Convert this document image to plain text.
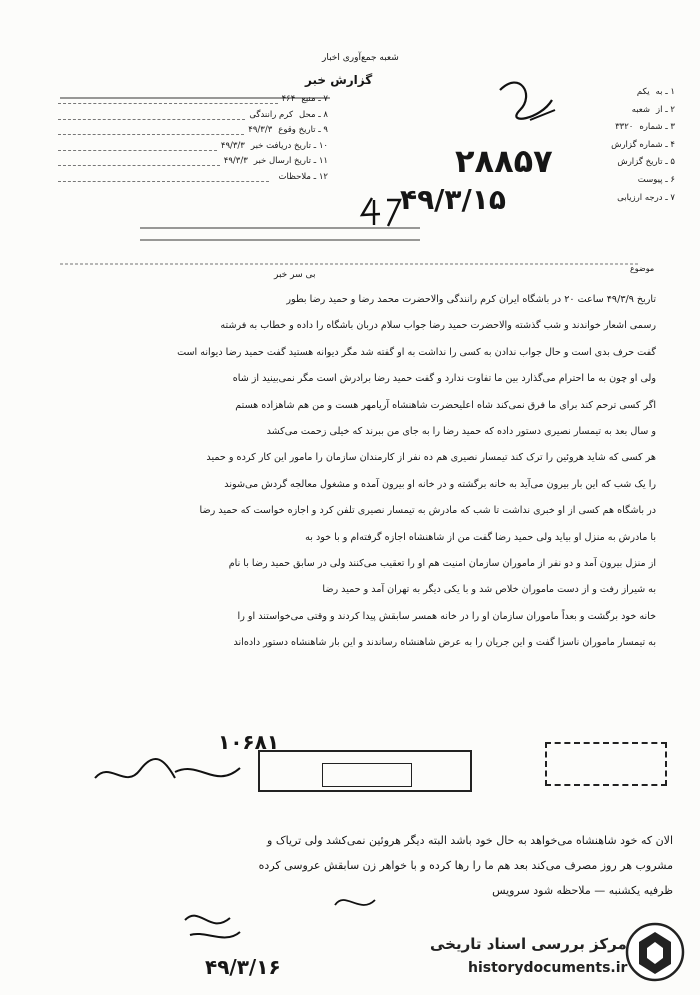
شعبه جمع‌آوری اخبار
گزارش خبر
۷ ـ منبع
۴۶۴
۸ ـ محل
کرم رانندگی
۹ ـ تاریخ وقوع
۴۹/۳/۳
۱۰ ـ تاریخ دریافت خبر
۴۹/۳/۳
۱۱ ـ تاریخ ارسال خبر
۴۹/۳/۳
۱۲ ـ ملاحظات
۱ ـ به
یکم
۲ ـ از
شعبه
۳ ـ شماره
۳۳۲۰
۴ ـ شماره گزارش
۵ ـ تاریخ گزارش
۶ ـ پیوست
۷ ـ درجه ارزیابی
۲۸۸۵۷
۴۹/۳/۱۵
موضوع
بی سر خبر

تاریخ ۴۹/۳/۹ ساعت ۲۰ در باشگاه ایران کرم رانندگی والاحضرت محمد رضا و حمید رضا بطور

رسمی اشعار خواندند و شب گذشته والاحضرت حمید رضا جواب سلام دربان باشگاه را داده و خطاب به فرشته

گفت حرف بدی است و حال جواب ندادن به کسی را نداشت به او گفته شد مگر دیوانه هستید گفت حمید رضا دیوانه است

ولی او چون به ما احترام می‌گذارد بین ما تفاوت ندارد و گفت حمید رضا برادرش است مگر نمی‌بینید از شاه

اگر کسی ترحم کند برای ما فرق نمی‌کند شاه اعلیحضرت شاهنشاه آریامهر هست و من هم شاهزاده هستم

و سال بعد به تیمسار نصیری دستور داده که حمید رضا را به جای من ببرند که خیلی زحمت می‌کشد

هر کسی که شاید هروئین را ترک کند تیمسار نصیری هم ده نفر از کارمندان سازمان را مامور این کار کرده و حمید

را یک شب که این بار بیرون می‌آید به خانه برگشته و در خانه او بیرون آمده و مشغول معالجه گردش می‌شوند

در باشگاه هم کسی از او خبری نداشت تا شب که مادرش به تیمسار نصیری تلفن کرد و اجازه خواست که حمید رضا

با مادرش به منزل او بیاید ولی حمید رضا گفت من از شاهنشاه اجازه گرفته‌ام و با خود به

از منزل بیرون آمد و دو نفر از ماموران سازمان امنیت هم او را تعقیب می‌کنند ولی در سابق حمید رضا با نام

به شیراز رفت و از دست ماموران خلاص شد و با یکی دیگر به تهران آمد و حمید رضا

خانه خود برگشت و بعداً ماموران سازمان او را در خانه همسر سابقش پیدا کردند و وقتی می‌خواستند او را

به تیمسار ماموران ناسزا گفت و این جریان را به عرض شاهنشاه رساندند و این بار شاهنشاه دستور داده‌اند

۱۰۶۸۱

الان که خود شاهنشاه می‌خواهد به حال خود باشد البته دیگر هروئین نمی‌کشد ولی تریاک و

مشروب هر روز مصرف می‌کند بعد هم ما را رها کرده و با خواهر زن سابقش عروسی کرده

ظرفیه یکشنبه — ملاحظه شود سرویس

۴۹/۳/۱۶
مرکز بررسی اسناد تاریخی
historydocuments.ir
